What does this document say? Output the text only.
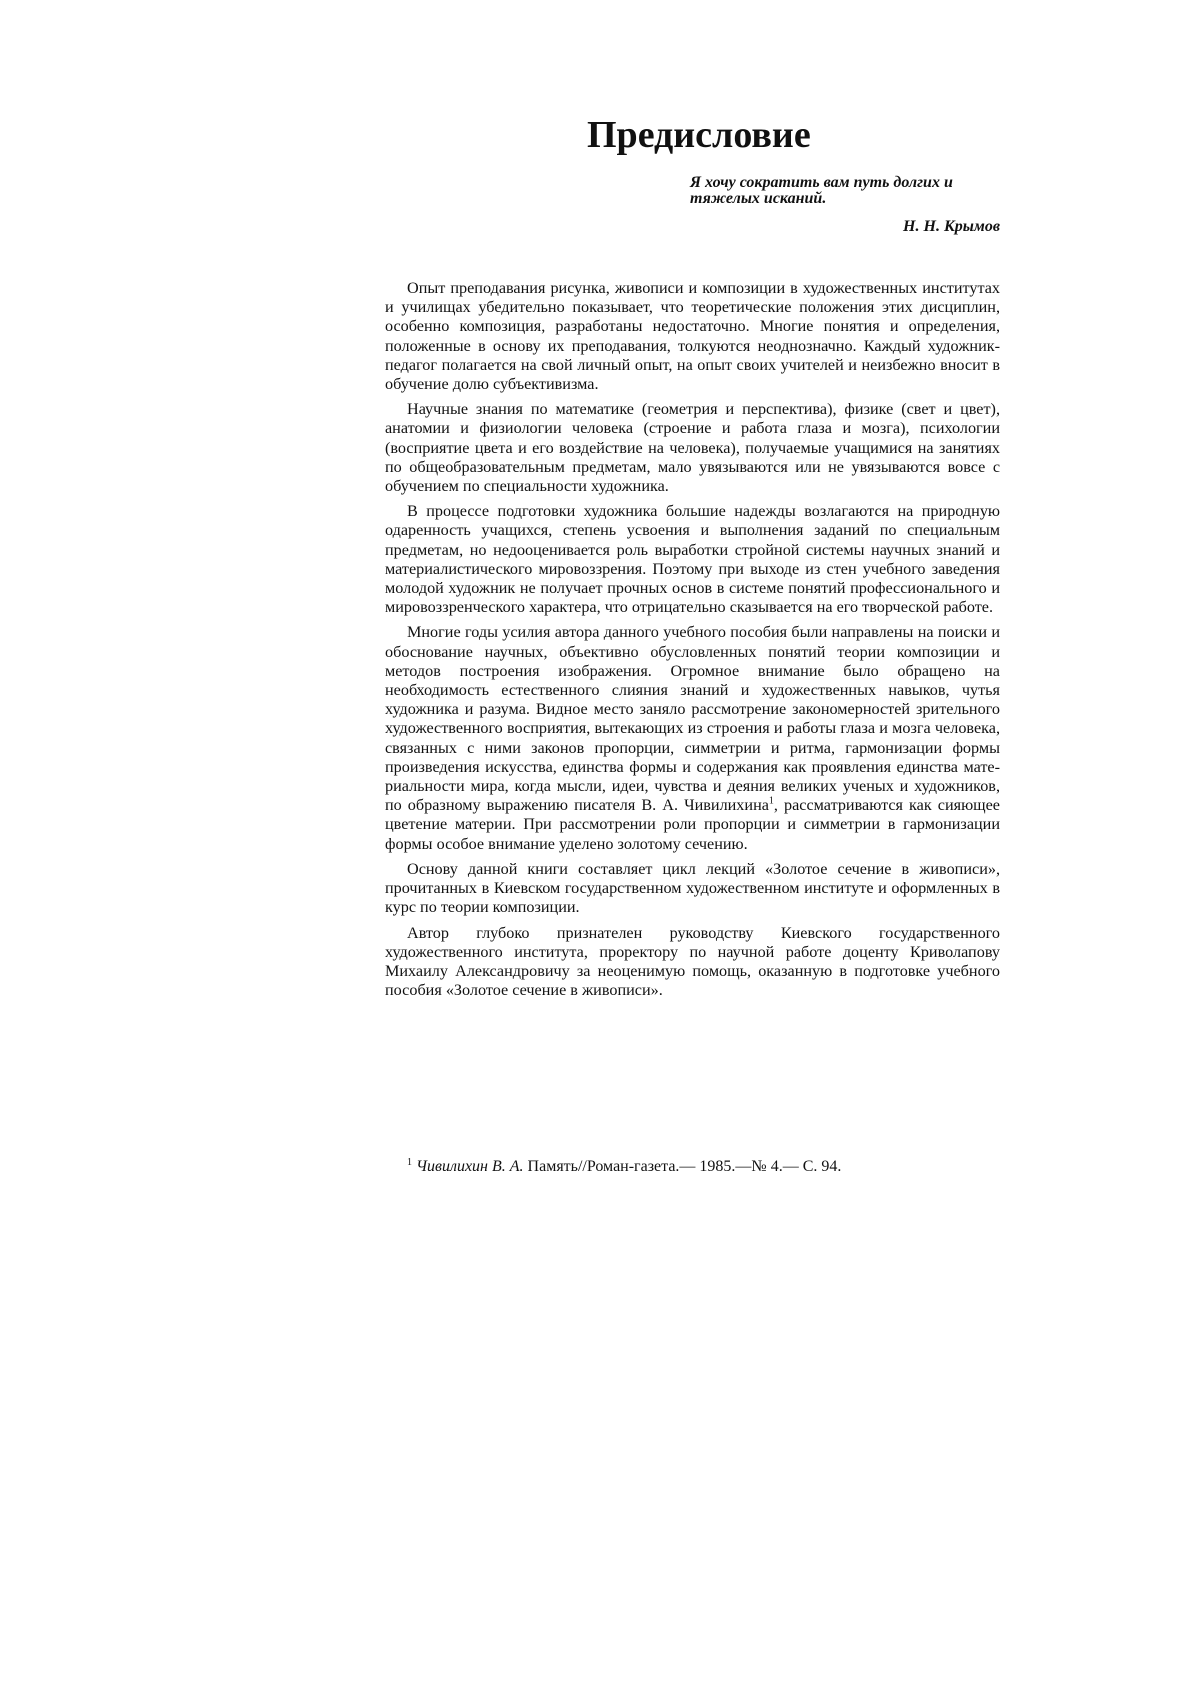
Предисловие

Я хочу сократить вам путь долгих и тяжелых исканий.

Н. Н. Крымов

Опыт преподавания рисунка, живописи и композиции в художественных институтах и училищах убедительно показывает, что теоретические положения этих дисциплин, особенно композиция, разработаны недостаточно. Многие понятия и определения, положенные в основу их преподавания, толкуются неоднозначно. Каждый художник-педагог полагается на свой личный опыт, на опыт своих учителей и неизбежно вносит в обучение долю субъективизма.

Научные знания по математике (геометрия и перспектива), физике (свет и цвет), анатомии и физиологии человека (строение и работа глаза и мозга), психологии (восприятие цвета и его воздействие на человека), получаемые учащимися на занятиях по общеобразовательным предметам, мало увязываются или не увязываются вовсе с обучением по специальности художника.

В процессе подготовки художника большие надежды возлагаются на природную одаренность учащихся, степень усвоения и выполнения заданий по специальным предметам, но недооценивается роль выработки стройной системы научных знаний и материалистического мировоззрения. Поэтому при выходе из стен учебного заведения молодой художник не получает прочных основ в системе понятий профессионального и мировоззренческого характера, что отрицательно сказывается на его творческой работе.

Многие годы усилия автора данного учебного пособия были направлены на поиски и обоснование научных, объективно обусловленных понятий теории композиции и методов построения изображения. Огромное внимание было обращено на необходимость естественного слияния знаний и художественных навыков, чутья художника и разума. Видное место заняло рассмотрение закономерностей зрительного художественного восприятия, вытекающих из строения и работы глаза и мозга человека, связанных с ними законов пропорции, симметрии и ритма, гармонизации формы произведения искусства, единства формы и содержания как проявления единства материальности мира, когда мысли, идеи, чувства и деяния великих ученых и художников, по образному выражению писателя В. А. Чивилихина$^1$, рассматриваются как сияющее цветение материи. При рассмотрении роли пропорции и симметрии в гармонизации формы особое внимание уделено золотому сечению.

Основу данной книги составляет цикл лекций «Золотое сечение в живописи», прочитанных в Киевском государственном художественном институте и оформленных в курс по теории композиции.

Автор глубоко признателен руководству Киевского государственного художественного института, проректору по научной работе доценту Криволапову Михаилу Александровичу за неоценимую помощь, оказанную в подготовке учебного пособия «Золотое сечение в живописи».

$^1$ Чивилихин В. А. Память//Роман-газета.— 1985.—№ 4.— С. 94.
